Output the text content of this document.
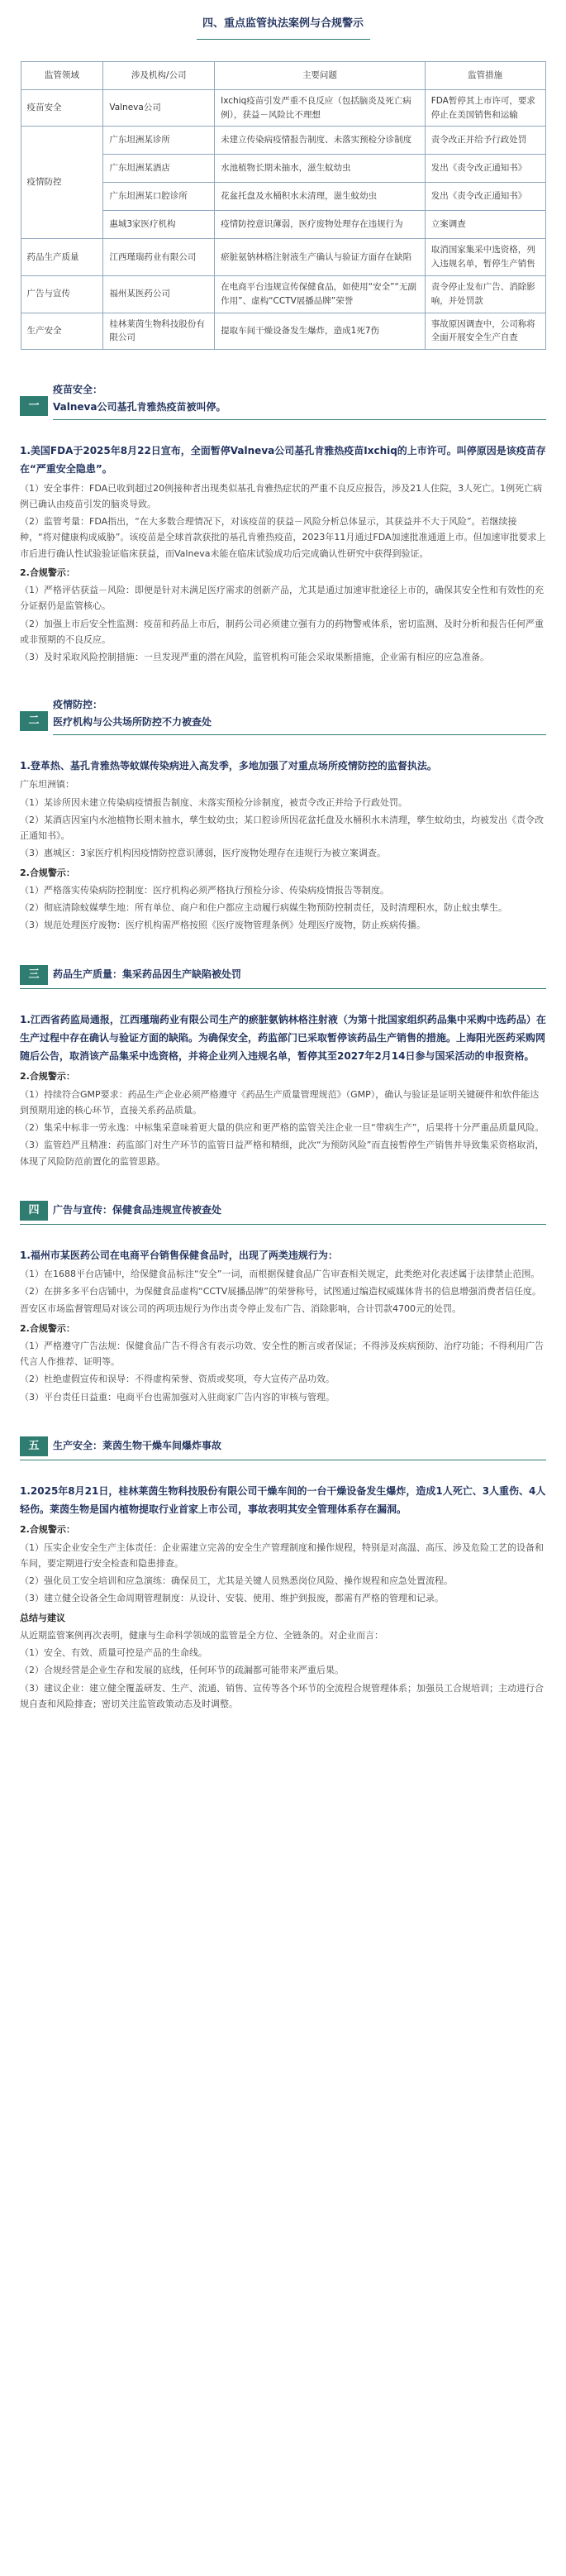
四、重点监管执法案例与合规警示
监管领域	涉及机构/公司	主要问题	监管措施
疫苗安全	Valneva公司	Ixchiq疫苗引发严重不良反应（包括脑炎及死亡病例），获益－风险比不理想	FDA暂停其上市许可，要求停止在美国销售和运输
疫情防控	广东坦洲某诊所	未建立传染病疫情报告制度、未落实预检分诊制度	责令改正并给予行政处罚
	广东坦洲某酒店	水池植物长期未抽水，滋生蚊幼虫	发出《责令改正通知书》
	广东坦洲某口腔诊所	花盆托盘及水桶积水未清理，滋生蚊幼虫	发出《责令改正通知书》
	惠城3家医疗机构	疫情防控意识薄弱，医疗废物处理存在违规行为	立案调查
药品生产质量	江西瑾瑞药业有限公司	瘀脏氨钠林格注射液生产确认与验证方面存在缺陷	取消国家集采中选资格，列入违规名单，暂停生产销售
广告与宣传	福州某医药公司	在电商平台违规宣传保健食品，如使用“安全”“无副作用”、虚构“CCTV展播品牌”荣誉	责令停止发布广告、消除影响，并处罚款
生产安全	桂林莱茵生物科技股份有限公司	提取车间干燥设备发生爆炸，造成1死7伤	事故原因调查中，公司称将全面开展安全生产自查
一
疫苗安全：
Valneva公司基孔肯雅热疫苗被叫停。
1.美国FDA于2025年8月22日宣布，全面暂停Valneva公司基孔肯雅热疫苗Ixchiq的上市许可。叫停原因是该疫苗存在“严重安全隐患”。
（1）安全事件：FDA已收到超过20例接种者出现类似基孔肯雅热症状的严重不良反应报告，涉及21人住院，3人死亡。1例死亡病例已确认由疫苗引发的脑炎导致。
（2）监管考量：FDA指出，“在大多数合理情况下，对该疫苗的获益－风险分析总体显示，其获益并不大于风险”。若继续接种，“将对健康构成威胁”。该疫苗是全球首款获批的基孔肯雅热疫苗，2023年11月通过FDA加速批准通道上市。但加速审批要求上市后进行确认性试验验证临床获益，而Valneva未能在临床试验成功后完成确认性研究中获得到验证。
2.合规警示：
（1）严格评估获益－风险：即便是针对未满足医疗需求的创新产品，尤其是通过加速审批途径上市的，确保其安全性和有效性的充分证据仍是监管核心。
（2）加强上市后安全性监测：疫苗和药品上市后，制药公司必须建立强有力的药物警戒体系，密切监测、及时分析和报告任何严重或非预期的不良反应。
（3）及时采取风险控制措施：一旦发现严重的潜在风险，监管机构可能会采取果断措施，企业需有相应的应急准备。
二
疫情防控：
医疗机构与公共场所防控不力被查处
1.登革热、基孔肯雅热等蚊媒传染病进入高发季，多地加强了对重点场所疫情防控的监督执法。
广东坦洲镇：
（1）某诊所因未建立传染病疫情报告制度、未落实预检分诊制度，被责令改正并给予行政处罚。
（2）某酒店因室内水池植物长期未抽水，孳生蚊幼虫；某口腔诊所因花盆托盘及水桶积水未清理，孳生蚊幼虫，均被发出《责令改正通知书》。
（3）惠城区：3家医疗机构因疫情防控意识薄弱，医疗废物处理存在违规行为被立案调查。
2.合规警示：
（1）严格落实传染病防控制度：医疗机构必须严格执行预检分诊、传染病疫情报告等制度。
（2）彻底清除蚊媒孳生地：所有单位、商户和住户都应主动履行病媒生物预防控制责任，及时清理积水，防止蚊虫孳生。
（3）规范处理医疗废物：医疗机构需严格按照《医疗废物管理条例》处理医疗废物，防止疾病传播。
三	药品生产质量：集采药品因生产缺陷被处罚
1.江西省药监局通报，江西瑾瑞药业有限公司生产的瘀脏氨钠林格注射液（为第十批国家组织药品集中采购中选药品）在生产过程中存在确认与验证方面的缺陷。为确保安全，药监部门已采取暂停该药品生产销售的措施。上海阳光医药采购网随后公告，取消该产品集采中选资格，并将企业列入违规名单，暂停其至2027年2月14日参与国采活动的申报资格。
2.合规警示：
（1）持续符合GMP要求：药品生产企业必须严格遵守《药品生产质量管理规范》（GMP），确认与验证是证明关键硬件和软件能达到预期用途的核心环节，直接关系药品质量。
（2）集采中标非一劳永逸：中标集采意味着更大量的供应和更严格的监管关注企业一旦“带病生产”，后果将十分严重品质量风险。
（3）监管趋严且精准：药监部门对生产环节的监管日益严格和精细，此次“为预防风险”而直接暂停生产销售并导致集采资格取消，体现了风险防范前置化的监管思路。
四	广告与宣传：保健食品违规宣传被查处
1.福州市某医药公司在电商平台销售保健食品时，出现了两类违规行为：
（1）在1688平台店铺中，给保健食品标注“安全”一词，而根据保健食品广告审查相关规定，此类绝对化表述属于法律禁止范围。
（2）在拼多多平台店铺中，为保健食品虚构“CCTV展播品牌”的荣誉称号，试图通过编造权威媒体背书的信息增强消费者信任度。
晋安区市场监督管理局对该公司的两项违规行为作出责令停止发布广告、消除影响，合计罚款4700元的处罚。
2.合规警示：
（1）严格遵守广告法规：保健食品广告不得含有表示功效、安全性的断言或者保证；不得涉及疾病预防、治疗功能；不得利用广告代言人作推荐、证明等。
（2）杜绝虚假宣传和误导：不得虚构荣誉、资质或奖项，夸大宣传产品功效。
（3）平台责任日益重：电商平台也需加强对入驻商家广告内容的审核与管理。
五	生产安全：莱茵生物干燥车间爆炸事故
1.2025年8月21日，桂林莱茵生物科技股份有限公司干燥车间的一台干燥设备发生爆炸，造成1人死亡、3人重伤、4人轻伤。莱茵生物是国内植物提取行业首家上市公司，事故表明其安全管理体系存在漏洞。
2.合规警示：
（1）压实企业安全生产主体责任：企业需建立完善的安全生产管理制度和操作规程，特别是对高温、高压、涉及危险工艺的设备和车间，要定期进行安全检查和隐患排查。
（2）强化员工安全培训和应急演练：确保员工，尤其是关键人员熟悉岗位风险、操作规程和应急处置流程。
（3）建立健全设备全生命周期管理制度：从设计、安装、使用、维护到报废，都需有严格的管理和记录。
总结与建议
从近期监管案例再次表明，健康与生命科学领域的监管是全方位、全链条的。对企业而言：
（1）安全、有效、质量可控是产品的生命线。
（2）合规经营是企业生存和发展的底线，任何环节的疏漏都可能带来严重后果。
（3）建议企业：建立健全覆盖研发、生产、流通、销售、宣传等各个环节的全流程合规管理体系；加强员工合规培训；主动进行合规自查和风险排查；密切关注监管政策动态及时调整。
